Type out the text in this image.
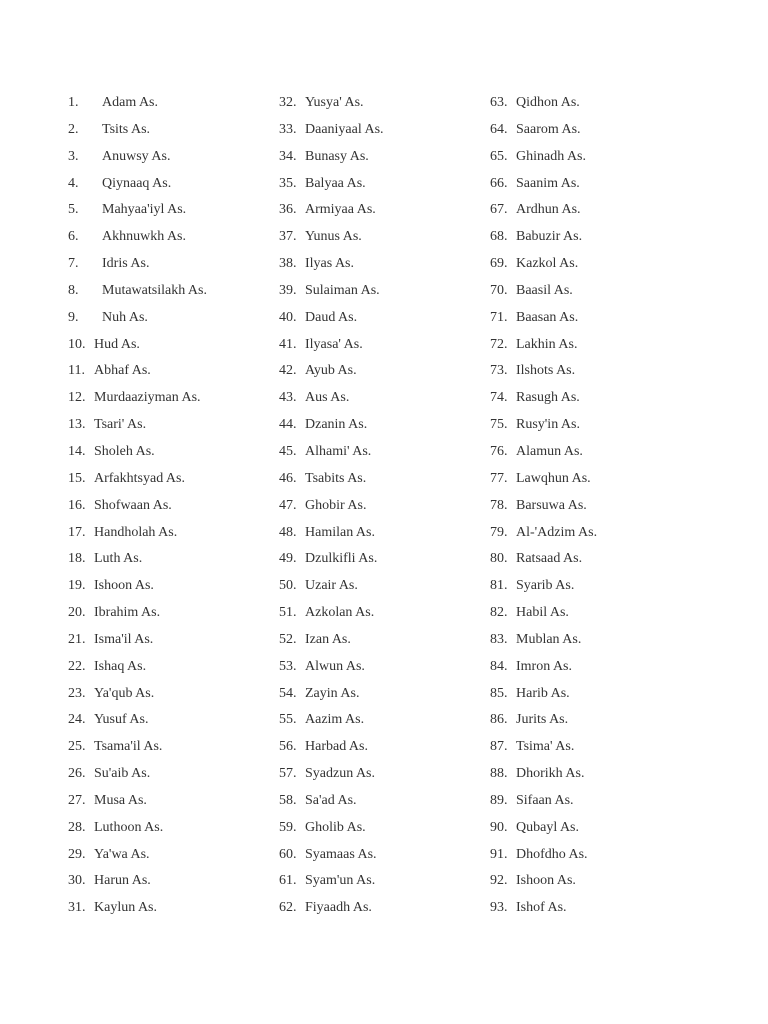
1. Adam As.
2. Tsits As.
3. Anuwsy As.
4. Qiynaaq As.
5. Mahyaa'iyl As.
6. Akhnuwkh As.
7. Idris As.
8. Mutawatsilakh As.
9. Nuh As.
10. Hud As.
11. Abhaf As.
12. Murdaaziyman As.
13. Tsari' As.
14. Sholeh As.
15. Arfakhtsyad As.
16. Shofwaan As.
17. Handholah As.
18. Luth As.
19. Ishoon As.
20. Ibrahim As.
21. Isma'il As.
22. Ishaq As.
23. Ya'qub As.
24. Yusuf As.
25. Tsama'il As.
26. Su'aib As.
27. Musa As.
28. Luthoon As.
29. Ya'wa As.
30. Harun As.
31. Kaylun As.
32. Yusya' As.
33. Daaniyaal As.
34. Bunasy As.
35. Balyaa As.
36. Armiyaa As.
37. Yunus As.
38. Ilyas As.
39. Sulaiman As.
40. Daud As.
41. Ilyasa' As.
42. Ayub As.
43. Aus As.
44. Dzanin As.
45. Alhami' As.
46. Tsabits As.
47. Ghobir As.
48. Hamilan As.
49. Dzulkifli As.
50. Uzair As.
51. Azkolan As.
52. Izan As.
53. Alwun As.
54. Zayin As.
55. Aazim As.
56. Harbad As.
57. Syadzun As.
58. Sa'ad As.
59. Gholib As.
60. Syamaas As.
61. Syam'un As.
62. Fiyaadh As.
63. Qidhon As.
64. Saarom As.
65. Ghinadh As.
66. Saanim As.
67. Ardhun As.
68. Babuzir As.
69. Kazkol As.
70. Baasil As.
71. Baasan As.
72. Lakhin As.
73. Ilshots As.
74. Rasugh As.
75. Rusy'in As.
76. Alamun As.
77. Lawqhun As.
78. Barsuwa As.
79. Al-'Adzim As.
80. Ratsaad As.
81. Syarib As.
82. Habil As.
83. Mublan As.
84. Imron As.
85. Harib As.
86. Jurits As.
87. Tsima' As.
88. Dhorikh As.
89. Sifaan As.
90. Qubayl As.
91. Dhofdho As.
92. Ishoon As.
93. Ishof As.
